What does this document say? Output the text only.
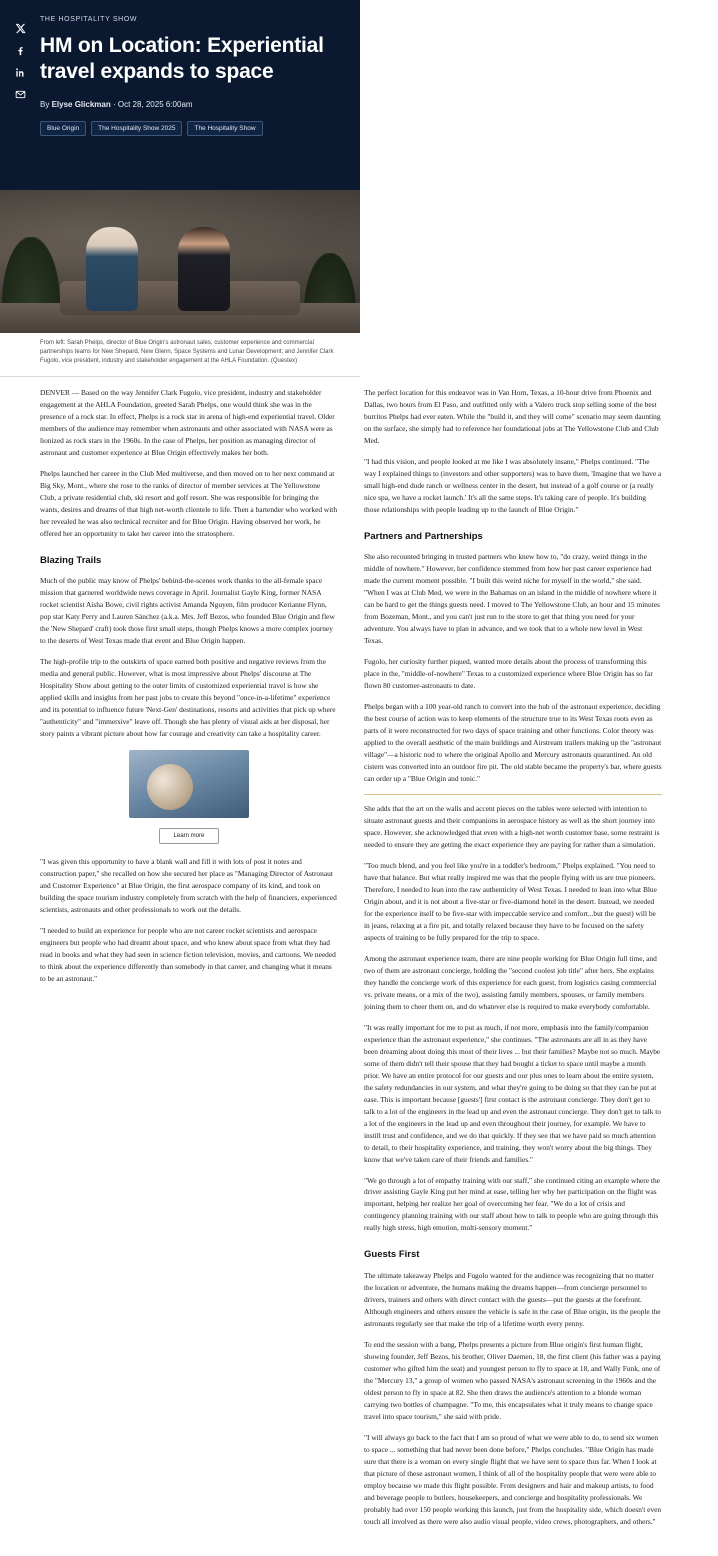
THE HOSPITALITY SHOW

HM on Location: Experiential travel expands to space

By Elyse Glickman · Oct 28, 2025 6:00am

Blue Origin	The Hospitality Show 2025	The Hospitality Show
From left: Sarah Phelps, director of Blue Origin's astronaut sales, customer experience and commercial partnerships teams for New Shepard, New Glenn, Space Systems and Lunar Development; and Jennifer Clark Fugolo, vice president, industry and stakeholder engagement at the AHLA Foundation. (Questex)

DENVER — Based on the way Jennifer Clark Fugolo, vice president, industry and stakeholder engagement at the AHLA Foundation, greeted Sarah Phelps, one would think she was in the presence of a rock star. In effect, Phelps is a rock star in arena of high-end experiential travel. Older members of the audience may remember when astronauts and other associated with NASA were as lionized as rock stars in the 1960s. In the case of Phelps, her position as managing director of astronaut and customer experience at Blue Origin effectively makes her both.

Phelps launched her career in the Club Med multiverse, and then moved on to her next command at Big Sky, Mont., where she rose to the ranks of director of member services at The Yellowstone Club, a private residential club, ski resort and golf resort. She was responsible for bringing the wants, desires and dreams of that high net-worth clientele to life. Then a bartender who worked with her revealed he was also technical recruiter and for Blue Origin. Having observed her work, he offered her an opportunity to take her career into the stratosphere.

Blazing Trails

Much of the public may know of Phelps' behind-the-scenes work thanks to the all-female space mission that garnered worldwide news coverage in April. Journalist Gayle King, former NASA rocket scientist Aisha Bowe, civil rights activist Amanda Nguyen, film producer Kerianne Flynn, pop star Katy Perry and Lauren Sánchez (a.k.a. Mrs. Jeff Bezos, who founded Blue Origin and flew the 'New Shepard' craft) took those first small steps, though Phelps knows a more complex journey to the deserts of West Texas made that event and Blue Origin happen.

The high-profile trip to the outskirts of space earned both positive and negative reviews from the media and general public. However, what is most impressive about Phelps' discourse at The Hospitality Show about getting to the outer limits of customized experiential travel is how she applied skills and insights from her past jobs to create this beyond "once-in-a-lifetime" experience and its potential to influence future 'Next-Gen' destinations, resorts and activities that pick up where "authenticity" and "immersive" leave off. Though she has plenty of visual aids at her disposal, her story paints a vibrant picture about how far courage and creativity can take a hospitality career.

Learn more

"I was given this opportunity to have a blank wall and fill it with lots of post it notes and construction paper," she recalled on how she secured her place as "Managing Director of Astronaut and Customer Experience" at Blue Origin, the first aerospace company of its kind, and took on building the space tourism industry completely from scratch with the help of financiers, experienced scientists, astronauts and other professionals to work out the details.

"I needed to build an experience for people who are not career rocket scientists and aerospace engineers but people who had dreamt about space, and who knew about space from what they had read in books and what they had seen in science fiction television, movies, and cartoons. We needed to think about the experience differently than somebody in that career, and changing what it means to be an astronaut."

The perfect location for this endeavor was in Van Horn, Texas, a 10-hour drive from Phoenix and Dallas, two hours from El Paso, and outfitted only with a Valero truck stop selling some of the best burritos Phelps had ever eaten. While the "build it, and they will come" scenario may seem daunting on the surface, she simply had to reference her foundational jobs at The Yellowstone Club and Club Med.

"I had this vision, and people looked at me like I was absolutely insane," Phelps continued. "The way I explained things to (investors and other supporters) was to have them, 'Imagine that we have a small high-end dude ranch or wellness center in the desert, but instead of a golf course or (a really nice spa, we have a rocket launch.' It's all the same steps. It's taking care of people. It's building those relationships with people leading up to the launch of Blue Origin."

Partners and Partnerships

She also recounted bringing in trusted partners who knew how to, "do crazy, weird things in the middle of nowhere." However, her confidence stemmed from how her past career experience had made the current moment possible. "I built this weird niche for myself in the world," she said. "When I was at Club Med, we were in the Bahamas on an island in the middle of nowhere where it can be hard to get the things guests need. I moved to The Yellowstone Club, an hour and 15 minutes from Bozeman, Mont., and you can't just run to the store to get that thing you need for your adventure. You always have to plan in advance, and we took that to a whole new level in West Texas.

Fugolo, her curiosity further piqued, wanted more details about the process of transforming this place in the, "middle-of-nowhere" Texas to a customized experience where Blue Origin has so far flown 80 customer-astronauts to date.

Phelps began with a 100 year-old ranch to convert into the hub of the astronaut experience, deciding the best course of action was to keep elements of the structure true to its West Texas roots even as parts of it were reconstructed for two days of space training and other functions. Color theory was applied to the overall aesthetic of the main buildings and Airstream trailers making up the "astronaut village"—a historic nod to where the original Apollo and Mercury astronauts quarantined. An old cistern was converted into an outdoor fire pit. The old stable became the property's bar, where guests can order up a "Blue Origin and tonic."

She adds that the art on the walls and accent pieces on the tables were selected with intention to situate astronaut guests and their companions in aerospace history as well as the short journey into space. However, she acknowledged that even with a high-net worth customer base, some restraint is needed to ensure they are getting the exact experience they are paying for rather than a simulation.

"Too much blend, and you feel like you're in a toddler's bedroom," Phelps explained. "You need to have that balance. But what really inspired me was that the people flying with us are true pioneers. Therefore, I needed to lean into the raw authenticity of West Texas. I needed to lean into what Blue Origin about, and it is not about a five-star or five-diamond hotel in the desert. Instead, we needed for the experience itself to be five-star with impeccable service and comfort...but the guest) will be in jeans, relaxing at a fire pit, and totally relaxed because they have to be focused on the safety aspects of training to be fully prepared for the trip to space.

Among the astronaut experience team, there are nine people working for Blue Origin full time, and two of them are astronaut concierge, holding the "second coolest job title" after hers. She explains they handle the concierge work of this experience for each guest, from logistics casing commercial vs. private means, or a mix of the two), assisting family members, spouses, or family members joining them to cheer them on, and do whatever else is required to make everybody comfortable.

"It was really important for me to put as much, if not more, emphasis into the family/companion experience than the astronaut experience," she continues. "The astronauts are all in as they have been dreaming about doing this most of their lives ... but their families? Maybe not so much. Maybe some of them didn't tell their spouse that they had bought a ticket to space until maybe a month prior. We have an entire protocol for our guests and our plus ones to learn about the entire system, the safety redundancies in our system, and what they're going to be doing so that they can be put at ease. This is important because [guests'] first contact is the astronaut concierge. They don't get to talk to a lot of the engineers in the lead up and even the astronaut concierge. They don't get to talk to a lot of the engineers in the lead up and even throughout their journey, for example. We have to instill trust and confidence, and we do that quickly. If they see that we have paid so much attention to detail, to their hospitality experience, and training, they won't worry about the big things. They know that we've taken care of their friends and families."

"We go through a lot of empathy training with our staff," she continued citing an example where the driver assisting Gayle King put her mind at ease, telling her why her participation on the flight was important, helping her realize her goal of overcoming her fear. "We do a lot of crisis and contingency planning training with our staff about how to talk to people who are going through this really high stress, high emotion, multi-sensory moment."

Guests First

The ultimate takeaway Phelps and Fugolo wanted for the audience was recognizing that no matter the location or adventure, the humans making the dreams happen—from concierge personnel to drivers, trainers and others with direct contact with the guests—put the guests at the forefront. Although engineers and others ensure the vehicle is safe in the case of Blue origin, its the people the astronauts regularly see that make the trip of a lifetime worth every penny.

To end the session with a bang, Phelps presents a picture from Blue origin's first human flight, showing founder, Jeff Bezos, his brother, Oliver Daemen, 18, the first client (his father was a paying customer who gifted him the seat) and youngest person to fly to space at 18, and Wally Funk, one of the "Mercury 13," a group of women who passed NASA's astronaut screening in the 1960s and the oldest person to fly in space at 82. She then draws the audience's attention to a blonde woman carrying two bottles of champagne. "To me, this encapsulates what it truly means to change space travel into space tourism," she said with pride.

"I will always go back to the fact that I am so proud of what we were able to do, to send six women to space ... something that had never been done before," Phelps concludes. "Blue Origin has made sure that there is a woman on every single flight that we have sent to space thus far. When I look at that picture of these astronaut women, I think of all of the hospitality people that were were able to employ because we made this flight possible. From designers and hair and makeup artists, to food and beverage people to butlers, housekeepers, and concierge and hospitality professionals. We probably had over 150 people working this launch, just from the hospitality side, which doesn't even touch all involved as there were also audio visual people, video crews, photographers, and others."
